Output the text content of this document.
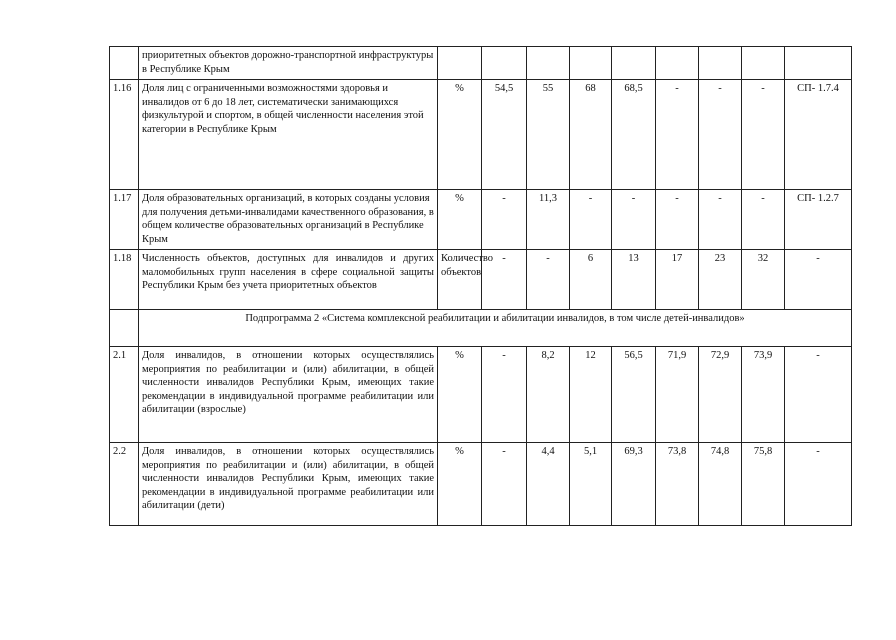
	приоритетных объектов дорожно-транспортной инфраструктуры в Республике Крым									
1.16	Доля лиц с ограниченными возможностями здоровья и инвалидов от 6 до 18 лет, систематически занимающихся физкультурой и спортом, в общей численности населения этой категории в Республике Крым	%	54,5	55	68	68,5	-	-	-	СП- 1.7.4
1.17	Доля образовательных организаций, в которых созданы условия для получения детьми-инвалидами качественного образования, в общем количестве образовательных организаций в Республике Крым	%	-	11,3	-	-	-	-	-	СП- 1.2.7
1.18	Численность объектов, доступных для инвалидов и других маломобильных групп населения в сфере социальной защиты Республики Крым без учета приоритетных объектов	Количество объектов	-	-	6	13	17	23	32	-
	Подпрограмма 2 «Система комплексной реабилитации и абилитации инвалидов, в том числе детей-инвалидов»									
2.1	Доля инвалидов, в отношении которых осуществлялись мероприятия по реабилитации и (или) абилитации, в общей численности инвалидов Республики Крым, имеющих такие рекомендации в индивидуальной программе реабилитации или абилитации (взрослые)	%	-	8,2	12	56,5	71,9	72,9	73,9	-
2.2	Доля инвалидов, в отношении которых осуществлялись мероприятия по реабилитации и (или) абилитации, в общей численности инвалидов Республики Крым, имеющих такие рекомендации в индивидуальной программе реабилитации или абилитации (дети)	%	-	4,4	5,1	69,3	73,8	74,8	75,8	-
